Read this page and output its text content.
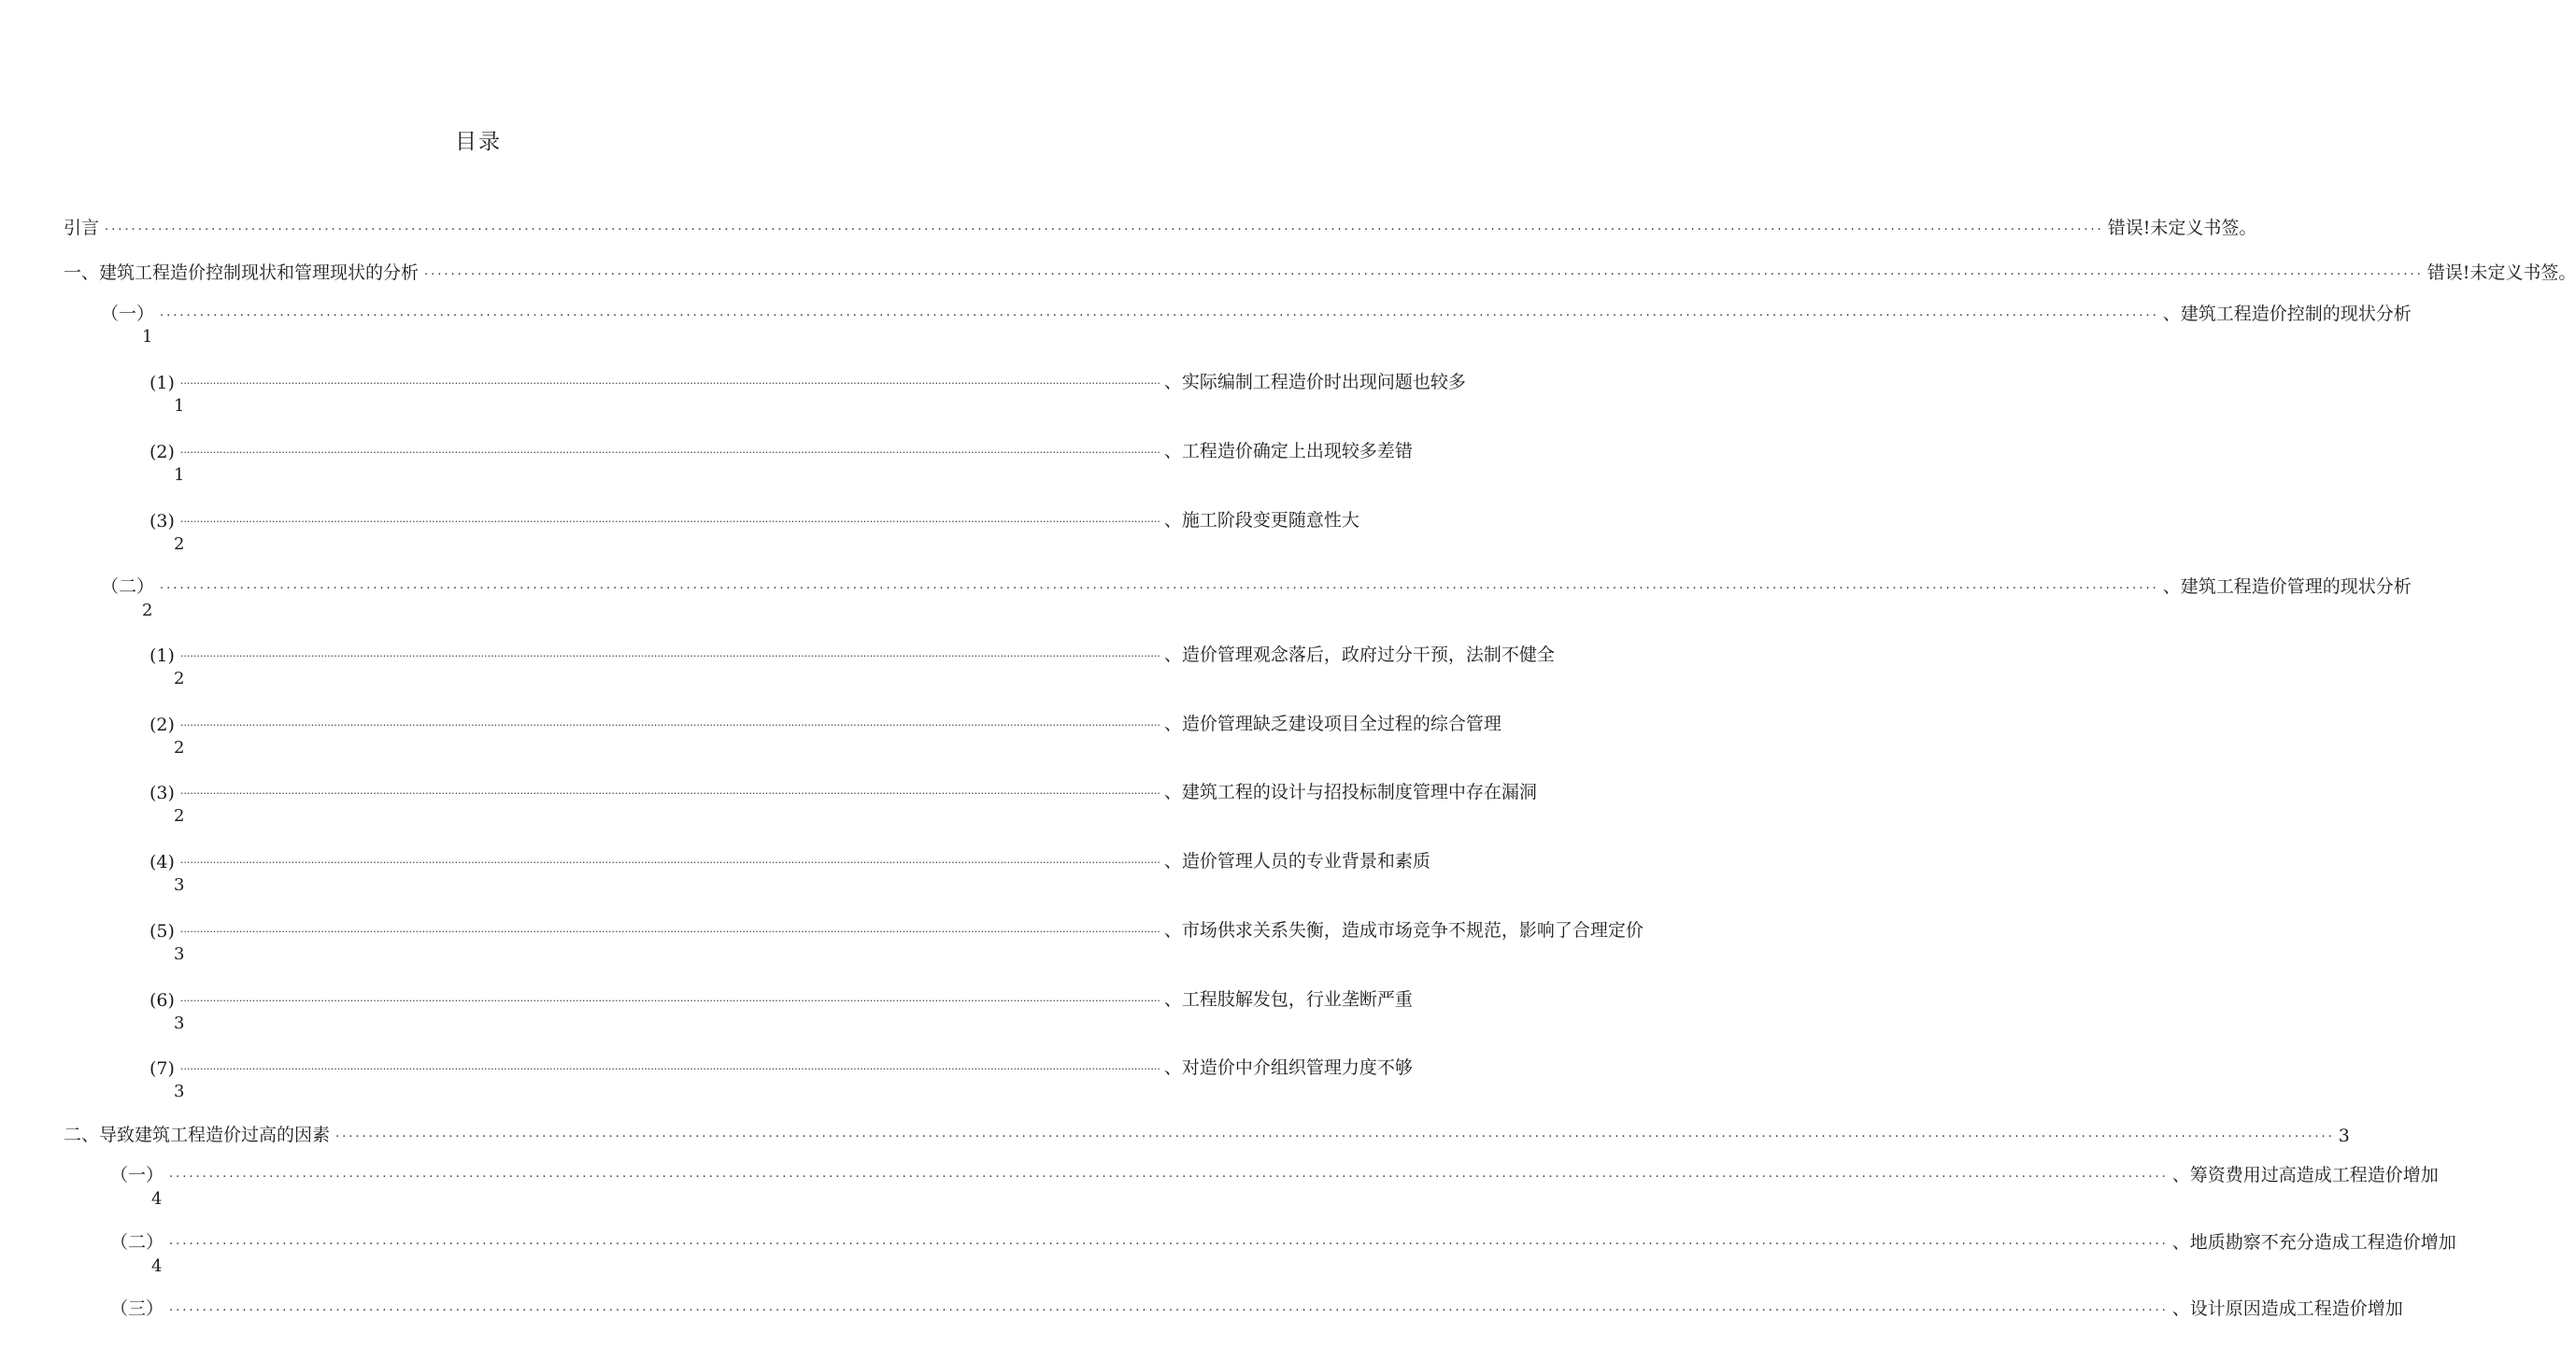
目录
引言 ............................................................................................................................................................................................................................................................................................................ 错误!未定义书签。
一、建筑工程造价控制现状和管理现状的分析 ............................................................................................................................................................................................................................................................................................................ 错误!未定义书签。
（一） ............................................................................................................................................................................................................................................................................................................ 、建筑工程造价控制的现状分析
1
(1) ............................................................................................................................................................................................................................................................................................................ 、实际编制工程造价时出现问题也较多
1
(2) ............................................................................................................................................................................................................................................................................................................ 、工程造价确定上出现较多差错
1
(3) ............................................................................................................................................................................................................................................................................................................ 、施工阶段变更随意性大
2
（二） ............................................................................................................................................................................................................................................................................................................ 、建筑工程造价管理的现状分析
2
(1) ............................................................................................................................................................................................................................................................................................................ 、造价管理观念落后，政府过分干预，法制不健全
2
(2) ............................................................................................................................................................................................................................................................................................................ 、造价管理缺乏建设项目全过程的综合管理
2
(3) ............................................................................................................................................................................................................................................................................................................ 、建筑工程的设计与招投标制度管理中存在漏洞
2
(4) ............................................................................................................................................................................................................................................................................................................ 、造价管理人员的专业背景和素质
3
(5) ............................................................................................................................................................................................................................................................................................................ 、市场供求关系失衡，造成市场竞争不规范，影响了合理定价
3
(6) ............................................................................................................................................................................................................................................................................................................ 、工程肢解发包，行业垄断严重
3
(7) ............................................................................................................................................................................................................................................................................................................ 、对造价中介组织管理力度不够
3
二、导致建筑工程造价过高的因素 ............................................................................................................................................................................................................................................................................................................ 3
（一） ............................................................................................................................................................................................................................................................................................................ 、筹资费用过高造成工程造价增加
4
（二） ............................................................................................................................................................................................................................................................................................................ 、地质勘察不充分造成工程造价增加
4
（三） ............................................................................................................................................................................................................................................................................................................ 、设计原因造成工程造价增加
